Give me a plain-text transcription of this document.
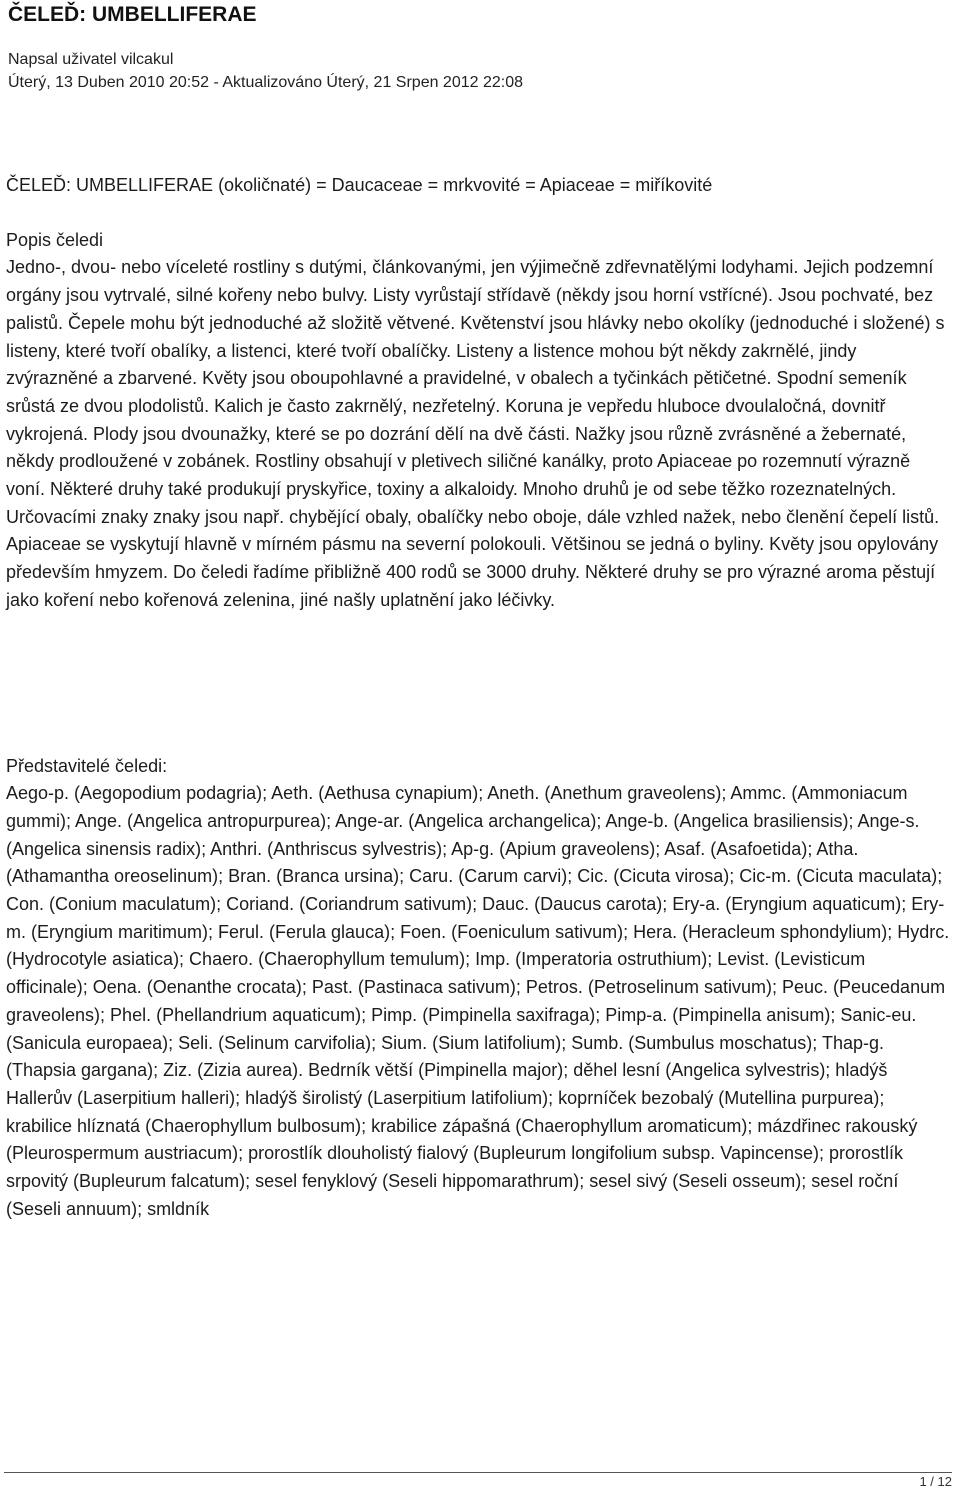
ČELEĎ: UMBELLIFERAE
Napsal uživatel vilcakul
Úterý, 13 Duben 2010 20:52 - Aktualizováno Úterý, 21 Srpen 2012 22:08

ČELEĎ: UMBELLIFERAE (okoličnaté) = Daucaceae = mrkvovité = Apiaceae = miříkovité

Popis čeledi

Jedno-, dvou- nebo víceleté rostliny s dutými, článkovanými, jen výjimečně zdřevnatělými lodyhami. Jejich podzemní orgány jsou vytrvalé, silné kořeny nebo bulvy. Listy vyrůstají střídavě (někdy jsou horní vstřícné). Jsou pochvaté, bez palistů. Čepele mohu být jednoduché až složitě větvené. Květenství jsou hlávky nebo okolíky (jednoduché i složené) s listeny, které tvoří obalíky, a listenci, které tvoří obalíčky. Listeny a listence mohou být někdy zakrnělé, jindy zvýrazněné a zbarvené. Květy jsou oboupohlavné a pravidelné, v obalech a tyčinkách pětičetné. Spodní semeník srůstá ze dvou plodolistů. Kalich je často zakrnělý, nezřetelný. Koruna je vepředu hluboce dvoulaločná, dovnitř vykrojená. Plody jsou dvounažky, které se po dozrání dělí na dvě části. Nažky jsou různě zvrásněné a žebernaté, někdy prodloužené v zobánek. Rostliny obsahují v pletivech siličné kanálky, proto Apiaceae po rozemnutí výrazně voní. Některé druhy také produkují pryskyřice, toxiny a alkaloidy. Mnoho druhů je od sebe těžko rozeznatelných. Určovacími znaky znaky jsou např. chybějící obaly, obalíčky nebo oboje, dále vzhled nažek, nebo členění čepelí listů. Apiaceae se vyskytují hlavně v mírném pásmu na severní polokouli. Většinou se jedná o byliny. Květy jsou opylovány především hmyzem. Do čeledi řadíme přibližně 400 rodů se 3000 druhy. Některé druhy se pro výrazné aroma pěstují jako koření nebo kořenová zelenina, jiné našly uplatnění jako léčivky.

Představitelé čeledi:

Aego-p. (Aegopodium podagria); Aeth. (Aethusa cynapium); Aneth. (Anethum graveolens); Ammc. (Ammoniacum gummi); Ange. (Angelica antropurpurea); Ange-ar. (Angelica archangelica); Ange-b. (Angelica brasiliensis); Ange-s. (Angelica sinensis radix); Anthri. (Anthriscus sylvestris); Ap-g. (Apium graveolens); Asaf. (Asafoetida); Atha. (Athamantha oreoselinum); Bran. (Branca ursina); Caru. (Carum carvi); Cic. (Cicuta virosa); Cic-m. (Cicuta maculata); Con. (Conium maculatum); Coriand. (Coriandrum sativum); Dauc. (Daucus carota); Ery-a. (Eryngium aquaticum); Ery-m. (Eryngium maritimum); Ferul. (Ferula glauca); Foen. (Foeniculum sativum); Hera. (Heracleum sphondylium); Hydrc. (Hydrocotyle asiatica); Chaero. (Chaerophyllum temulum); Imp. (Imperatoria ostruthium); Levist. (Levisticum officinale); Oena. (Oenanthe crocata); Past. (Pastinaca sativum); Petros. (Petroselinum sativum); Peuc. (Peucedanum graveolens); Phel. (Phellandrium aquaticum); Pimp. (Pimpinella saxifraga); Pimp-a. (Pimpinella anisum); Sanic-eu. (Sanicula europaea); Seli. (Selinum carvifolia); Sium. (Sium latifolium); Sumb. (Sumbulus moschatus); Thap-g. (Thapsia gargana); Ziz. (Zizia aurea). Bedrník větší (Pimpinella major); děhel lesní (Angelica sylvestris); hladýš Hallerův (Laserpitium halleri); hladýš širolistý (Laserpitium latifolium); koprníček bezobalý (Mutellina purpurea); krabilice hlíznatá (Chaerophyllum bulbosum); krabilice zápašná (Chaerophyllum aromaticum); mázdřinec rakouský (Pleurospermum austriacum); prorostlík dlouholistý fialový (Bupleurum longifolium subsp. Vapincense); prorostlík srpovitý (Bupleurum falcatum); sesel fenyklový (Seseli hippomarathrum); sesel sivý (Seseli osseum); sesel roční (Seseli annuum); smldník

1 / 12
